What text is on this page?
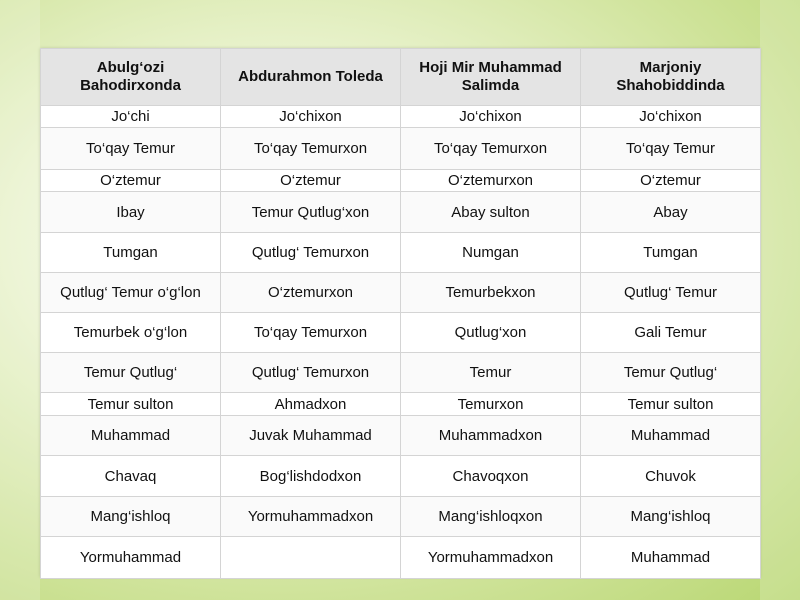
Abulg‘ozi Bahodirxonda	Abdurahmon Toleda	Hoji Mir Muhammad Salimda	Marjoniy Shahobiddinda
Jo‘chi	Jo‘chixon	Jo‘chixon	Jo‘chixon
To‘qay Temur	To‘qay Temurxon	To‘qay Temurxon	To‘qay Temur
O‘ztemur	O‘ztemur	O‘ztemurxon	O‘ztemur
Ibay	Temur Qutlug‘xon	Abay sulton	Abay
Tumgan	Qutlug‘ Temurxon	Numgan	Tumgan
Qutlug‘ Temur o‘g‘lon	O‘ztemurxon	Temurbekxon	Qutlug‘ Temur
Temurbek o‘g‘lon	To‘qay Temurxon	Qutlug‘xon	Gali Temur
Temur Qutlug‘	Qutlug‘ Temurxon	Temur	Temur Qutlug‘
Temur sulton	Ahmadxon	Temurxon	Temur sulton
Muhammad	Juvak Muhammad	Muhammadxon	Muhammad
Chavaq	Bog‘lishdodxon	Chavoqxon	Chuvok
Mang‘ishloq	Yormuhammadxon	Mang‘ishloqxon	Mang‘ishloq
Yormuhammad		Yormuhammadxon	Muhammad
